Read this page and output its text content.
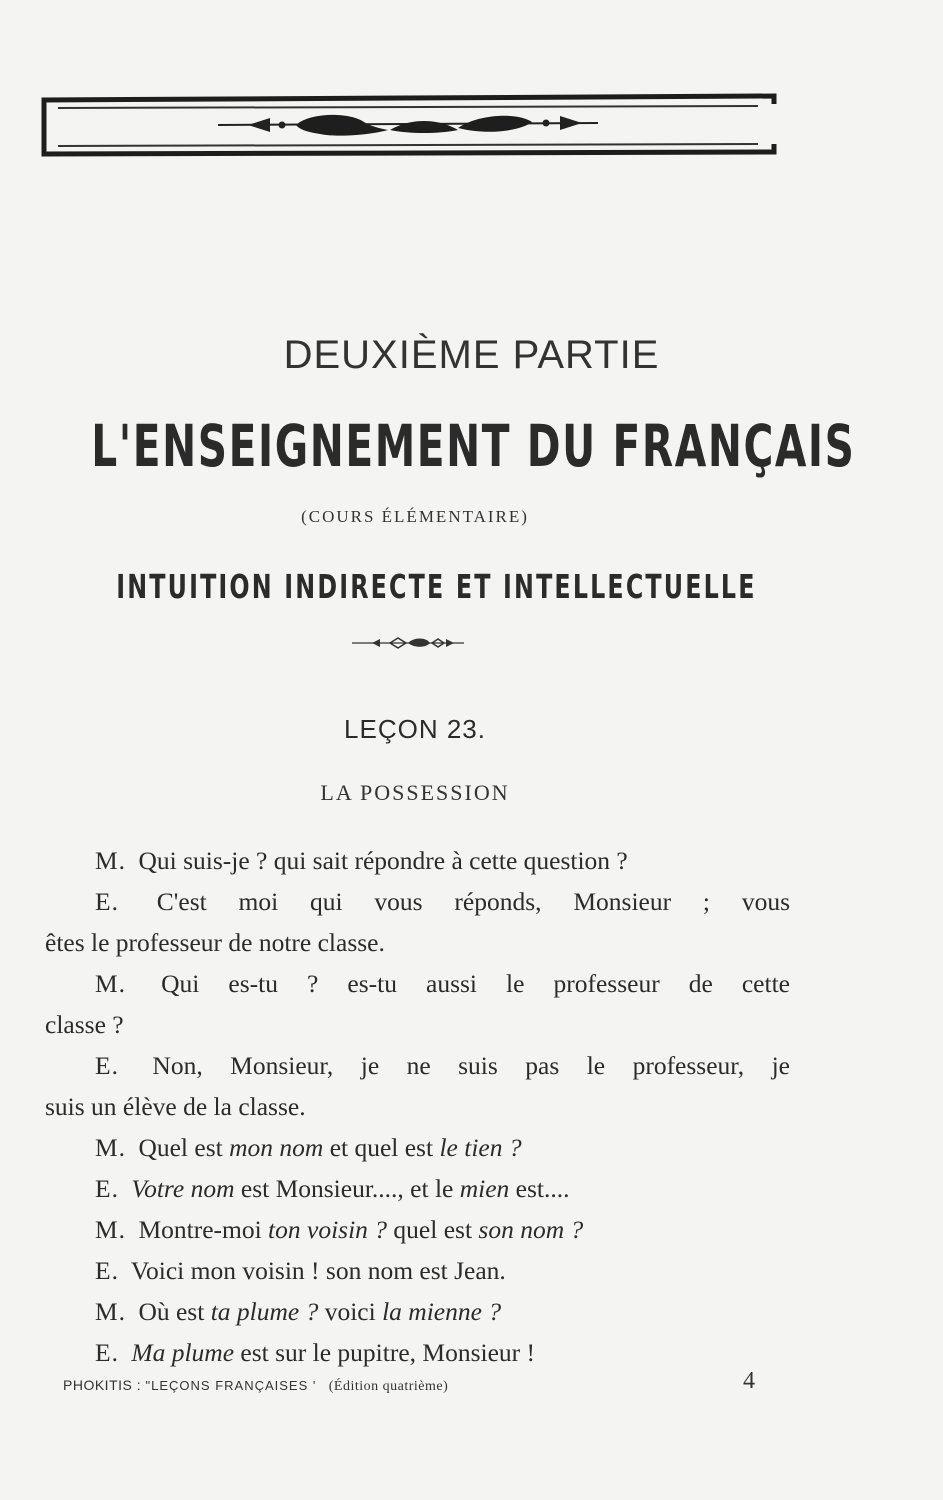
DEUXIÈME PARTIE
L'ENSEIGNEMENT DU FRANÇAIS
(COURS ÉLÉMENTAIRE)
INTUITION INDIRECTE ET INTELLECTUELLE
LEÇON 23.
LA POSSESSION

M. Qui suis-je ? qui sait répondre à cette question ?

E. C'est moi qui vous réponds, Monsieur ; vous

êtes le professeur de notre classe.

M. Qui es-tu ? es-tu aussi le professeur de cette

classe ?

E. Non, Monsieur, je ne suis pas le professeur, je

suis un élève de la classe.

M. Quel est mon nom et quel est le tien ?

E. Votre nom est Monsieur...., et le mien est....

M. Montre-moi ton voisin ? quel est son nom ?

E. Voici mon voisin ! son nom est Jean.

M. Où est ta plume ? voici la mienne ?

E. Ma plume est sur le pupitre, Monsieur !

PHOKITIS : "LEÇONS FRANÇAISES ' (Édition quatrième)	4
